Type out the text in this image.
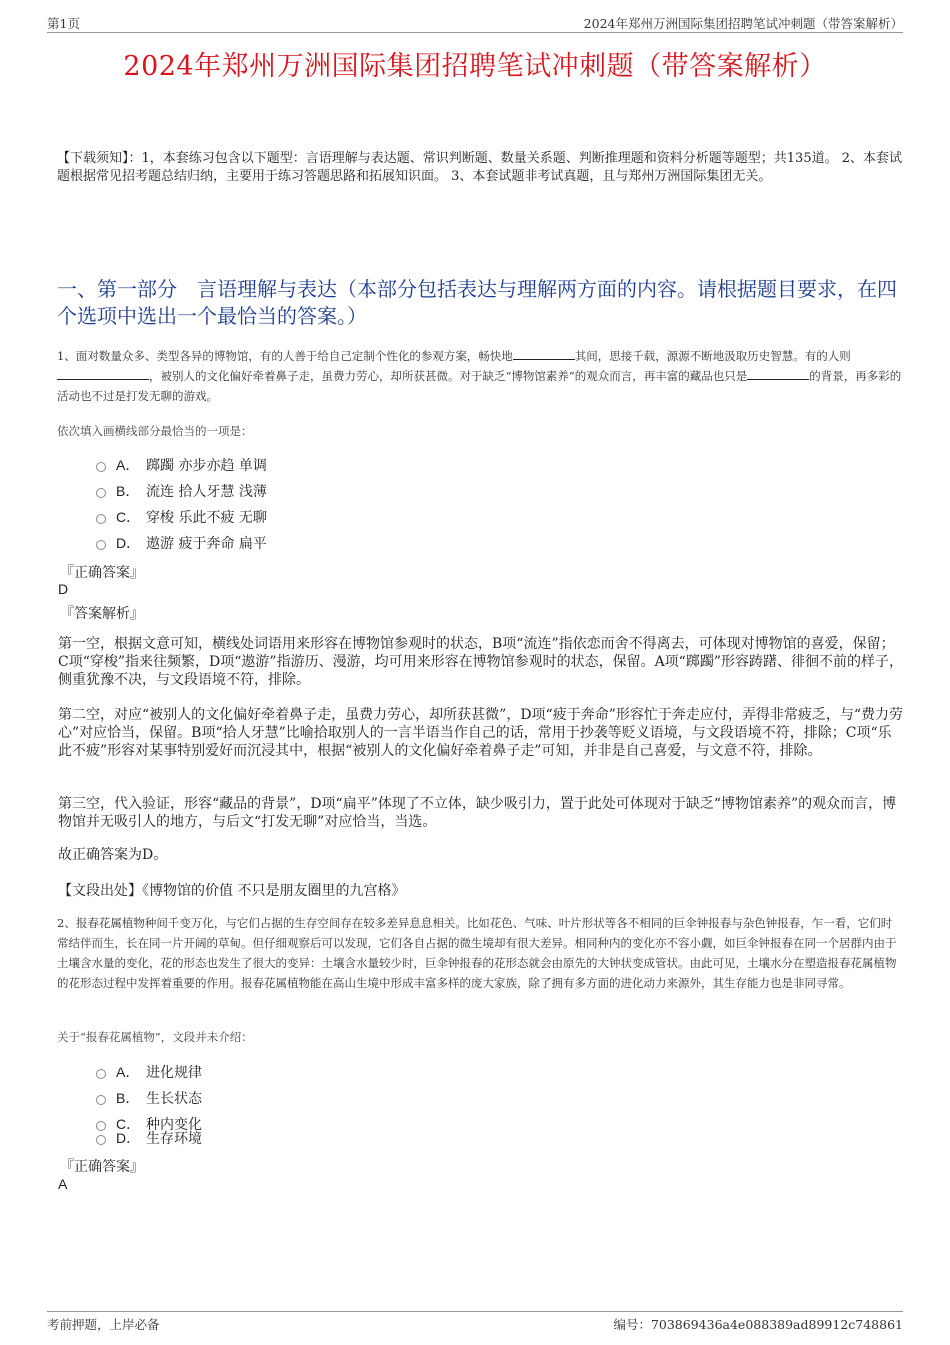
第1页	2024年郑州万洲国际集团招聘笔试冲刺题（带答案解析）
2024年郑州万洲国际集团招聘笔试冲刺题（带答案解析）
【下载须知】：1，本套练习包含以下题型：言语理解与表达题、常识判断题、数量关系题、判断推理题和资料分析题等题型；共135道。 2、本套试题根据常见招考题总结归纳，主要用于练习答题思路和拓展知识面。 3、本套试题非考试真题，且与郑州万洲国际集团无关。
一、第一部分　言语理解与表达（本部分包括表达与理解两方面的内容。请根据题目要求，在四个选项中选出一个最恰当的答案。）
1、面对数量众多、类型各异的博物馆，有的人善于给自己定制个性化的参观方案，畅快地	其间，思接千载，源源不断地汲取历史智慧。有的人则，被别人的文化偏好牵着鼻子走，虽费力劳心，却所获甚微。对于缺乏“博物馆素养”的观众而言，再丰富的藏品也只是	的背景，再多彩的活动也不过是打发无聊的游戏。
依次填入画横线部分最恰当的一项是：
A． 踯躅 亦步亦趋 单调
B． 流连 拾人牙慧 浅薄
C． 穿梭 乐此不疲 无聊
D． 遨游 疲于奔命 扁平
『正确答案』
D
『答案解析』
第一空，根据文意可知，横线处词语用来形容在博物馆参观时的状态，B项“流连”指依恋而舍不得离去，可体现对博物馆的喜爱，保留；C项“穿梭”指来往频繁，D项“遨游”指游历、漫游，均可用来形容在博物馆参观时的状态，保留。A项“踯躅”形容踌躇、徘徊不前的样子，侧重犹豫不决，与文段语境不符，排除。
第二空，对应“被别人的文化偏好牵着鼻子走，虽费力劳心，却所获甚微”，D项“疲于奔命”形容忙于奔走应付，弄得非常疲乏，与“费力劳心”对应恰当，保留。B项“拾人牙慧”比喻拾取别人的一言半语当作自己的话，常用于抄袭等贬义语境，与文段语境不符，排除；C项“乐此不疲”形容对某事特别爱好而沉浸其中，根据“被别人的文化偏好牵着鼻子走”可知，并非是自己喜爱，与文意不符，排除。
第三空，代入验证，形容“藏品的背景”，D项“扁平”体现了不立体，缺少吸引力，置于此处可体现对于缺乏“博物馆素养”的观众而言，博物馆并无吸引人的地方，与后文“打发无聊”对应恰当，当选。
故正确答案为D。
【文段出处】《博物馆的价值 不只是朋友圈里的九宫格》
2、报春花属植物种间千变万化，与它们占据的生存空间存在较多差异息息相关。比如花色、气味、叶片形状等各不相同的巨伞钟报春与杂色钟报春，乍一看，它们时常结伴而生，长在同一片开阔的草甸。但仔细观察后可以发现，它们各自占据的微生境却有很大差异。相同种内的变化亦不容小觑，如巨伞钟报春在同一个居群内由于土壤含水量的变化，花的形态也发生了很大的变异：土壤含水量较少时，巨伞钟报春的花形态就会由原先的大钟状变成管状。由此可见，土壤水分在塑造报春花属植物的花形态过程中发挥着重要的作用。报春花属植物能在高山生境中形成丰富多样的庞大家族，除了拥有多方面的进化动力来源外，其生存能力也是非同寻常。
关于“报春花属植物”，文段并未介绍：
A． 进化规律
B． 生长状态
C． 种内变化
D． 生存环境
『正确答案』
A
考前押题，上岸必备	编号：703869436a4e088389ad89912c748861
